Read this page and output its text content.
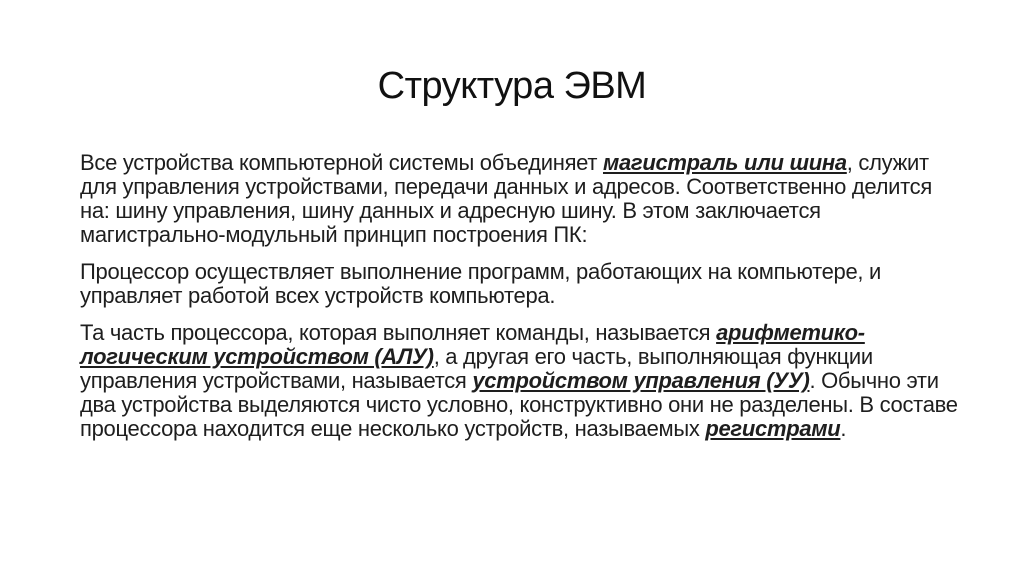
Структура ЭВМ

Все устройства компьютерной системы объединяет магистраль или шина, служит для управления устройствами, передачи данных и адресов. Соответственно делится на: шину управления, шину данных и адресную шину. В этом заключается магистрально-модульный принцип построения ПК:

Процессор осуществляет выполнение программ, работающих на компьютере, и управляет работой всех устройств компьютера.

Та часть процессора, которая выполняет команды, называется арифметико-логическим устройством (АЛУ), а другая его часть, выполняющая функции управления устройствами, называется устройством управления (УУ). Обычно эти два устройства выделяются чисто условно, конструктивно они не разделены. В составе процессора находится еще несколько устройств, называемых регистрами.
